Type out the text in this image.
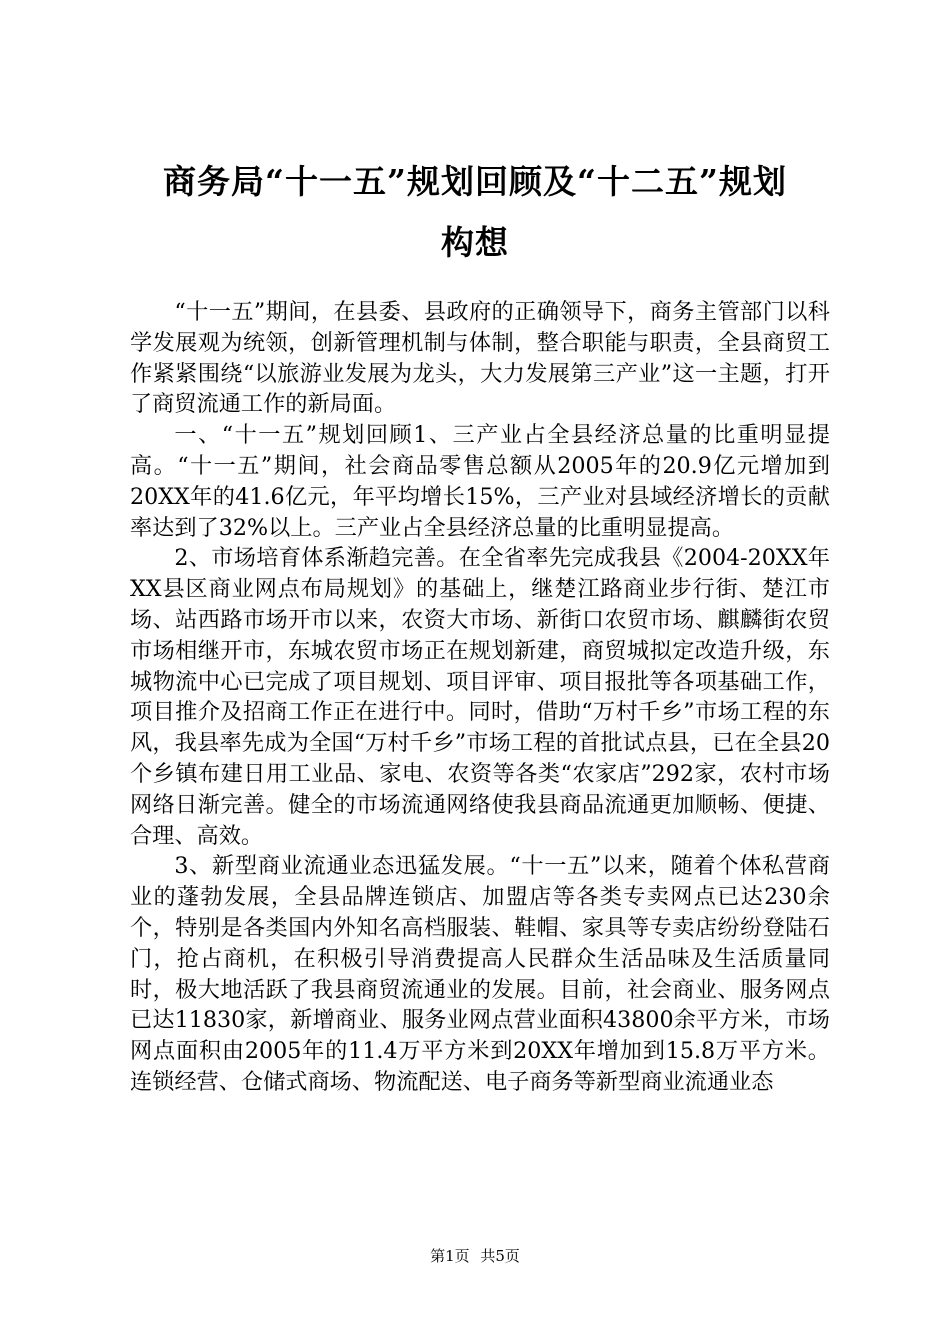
商务局“十一五”规划回顾及“十二五”规划
构想

“十一五”期间，在县委、县政府的正确领导下，商务主管部门以科学发展观为统领，创新管理机制与体制，整合职能与职责，全县商贸工作紧紧围绕“以旅游业发展为龙头，大力发展第三产业”这一主题，打开了商贸流通工作的新局面。

一、“十一五”规划回顾1、三产业占全县经济总量的比重明显提高。“十一五”期间，社会商品零售总额从2005年的20.9亿元增加到20XX年的41.6亿元，年平均增长15%，三产业对县域经济增长的贡献率达到了32%以上。三产业占全县经济总量的比重明显提高。

2、市场培育体系渐趋完善。在全省率先完成我县《2004-20XX年XX县区商业网点布局规划》的基础上，继楚江路商业步行街、楚江市场、站西路市场开市以来，农资大市场、新街口农贸市场、麒麟街农贸市场相继开市，东城农贸市场正在规划新建，商贸城拟定改造升级，东城物流中心已完成了项目规划、项目评审、项目报批等各项基础工作，项目推介及招商工作正在进行中。同时，借助“万村千乡”市场工程的东风，我县率先成为全国“万村千乡”市场工程的首批试点县，已在全县20个乡镇布建日用工业品、家电、农资等各类“农家店”292家，农村市场网络日渐完善。健全的市场流通网络使我县商品流通更加顺畅、便捷、合理、高效。

3、新型商业流通业态迅猛发展。“十一五”以来，随着个体私营商业的蓬勃发展，全县品牌连锁店、加盟店等各类专卖网点已达230余个，特别是各类国内外知名高档服装、鞋帽、家具等专卖店纷纷登陆石门，抢占商机，在积极引导消费提高人民群众生活品味及生活质量同时，极大地活跃了我县商贸流通业的发展。目前，社会商业、服务网点已达11830家，新增商业、服务业网点营业面积43800余平方米，市场网点面积由2005年的11.4万平方米到20XX年增加到15.8万平方米。连锁经营、仓储式商场、物流配送、电子商务等新型商业流通业态

第1页 共5页
